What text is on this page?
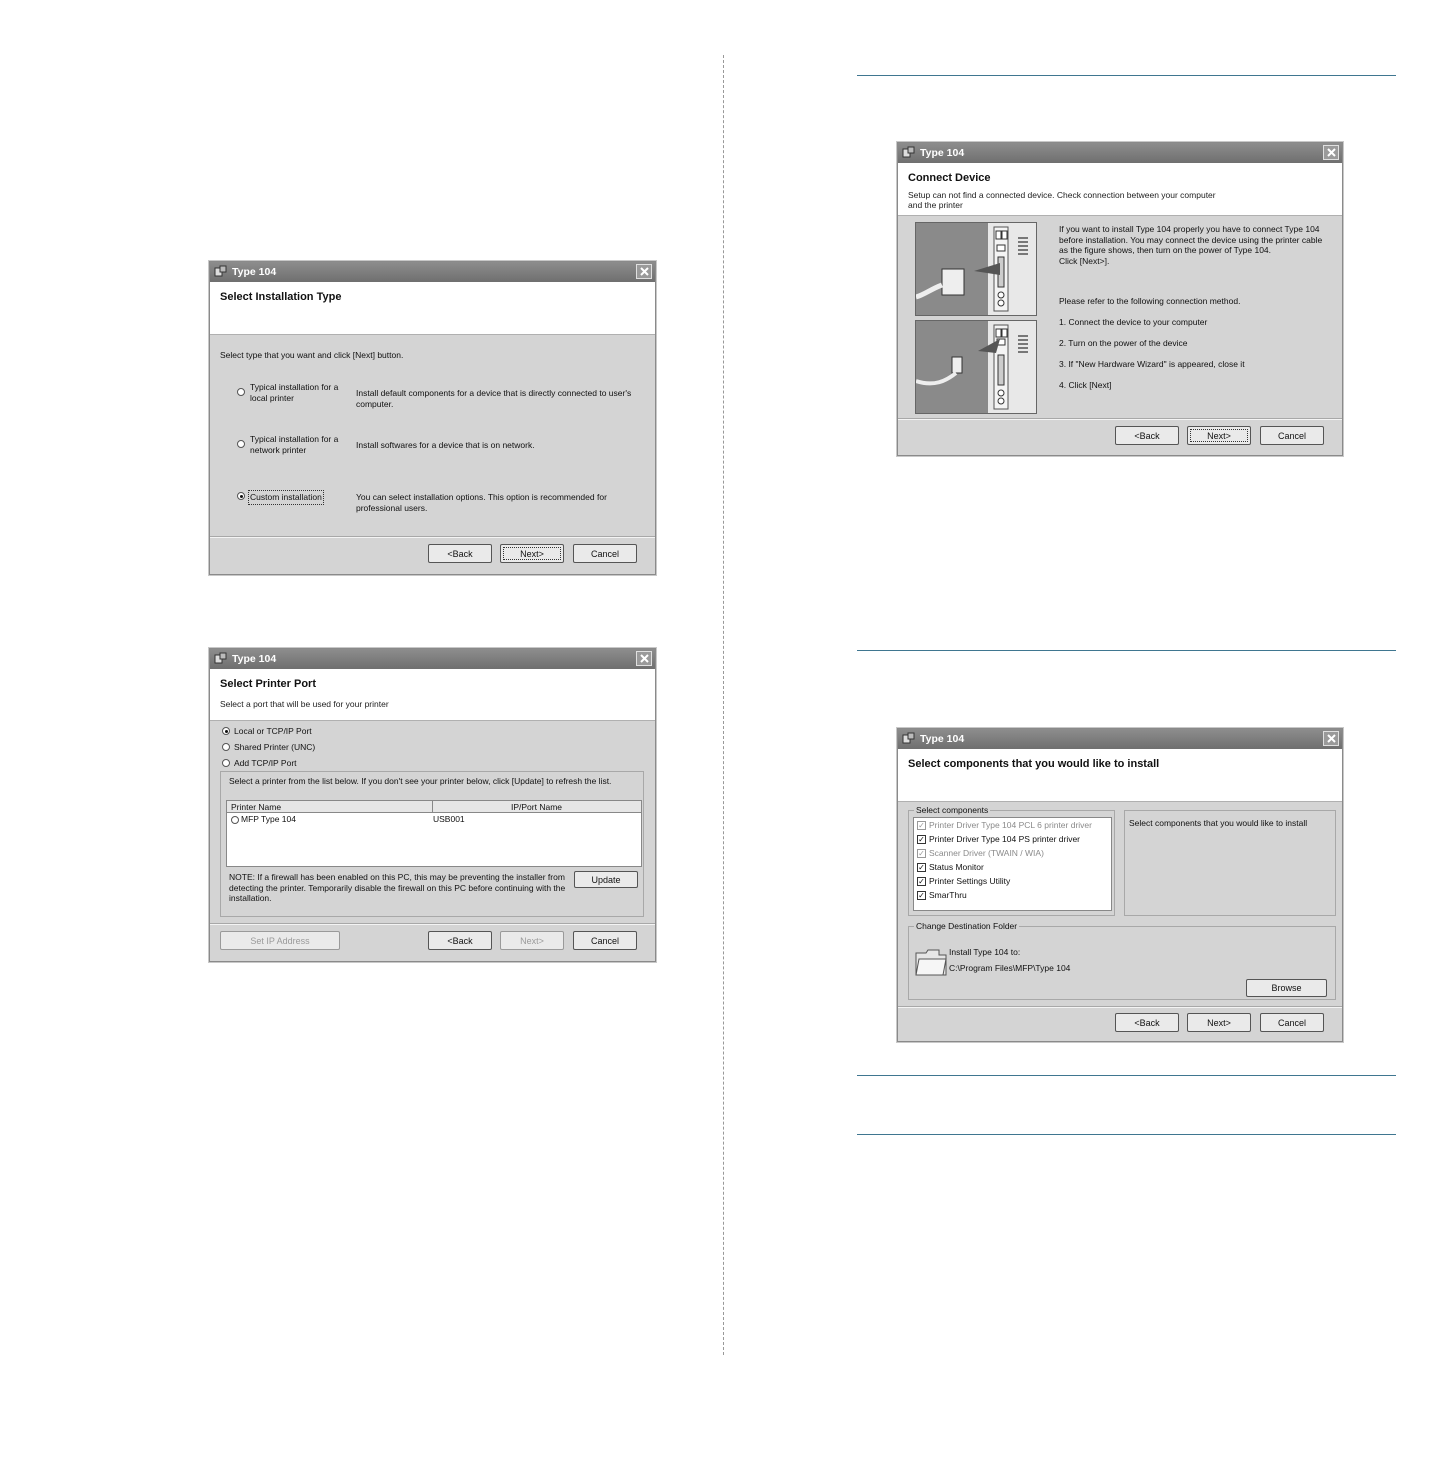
Type 104
Select Installation Type
Select type that you want and click [Next] button.
Typical installation for a
local printer	Install default components for a device that is directly connected to user's
computer.
Typical installation for a
network printer	Install softwares for a device that is on network.
Custom installation	You can select installation options. This option is recommended for
professional users.
<Back	Next>	Cancel
Type 104
Select Printer Port
Select a port that will be used for your printer
Local or TCP/IP Port
Shared Printer (UNC)
Add TCP/IP Port
Select a printer from the list below. If you don't see your printer below, click [Update] to refresh the list.
Printer Name	IP/Port Name
MFP Type 104	USB001
NOTE: If a firewall has been enabled on this PC, this may be preventing the installer from
detecting the printer. Temporarily disable the firewall on this PC before continuing with the
installation.
Update
Set IP Address	<Back	Next>	Cancel
Type 104
Connect Device
Setup can not find a connected device. Check connection between your computer
and the printer
If you want to install Type 104 properly you have to connect Type 104
before installation. You may connect the device using the printer cable
as the figure shows, then turn on the power of Type 104.
Click [Next>].
Please refer to the following connection method.
1. Connect the device to your computer
2. Turn on the power of the device
3. If "New Hardware Wizard" is appeared, close it
4. Click [Next]
<Back	Next>	Cancel
Type 104
Select components that you would like to install
Select components
✓ Printer Driver Type 104 PCL 6 printer driver
✓ Printer Driver Type 104 PS printer driver
✓ Scanner Driver (TWAIN / WIA)
✓ Status Monitor
✓ Printer Settings Utility
✓ SmarThru
Select components that you would like to install
Change Destination Folder
Install Type 104 to:
C:\Program Files\MFP\Type 104
Browse
<Back	Next>	Cancel
